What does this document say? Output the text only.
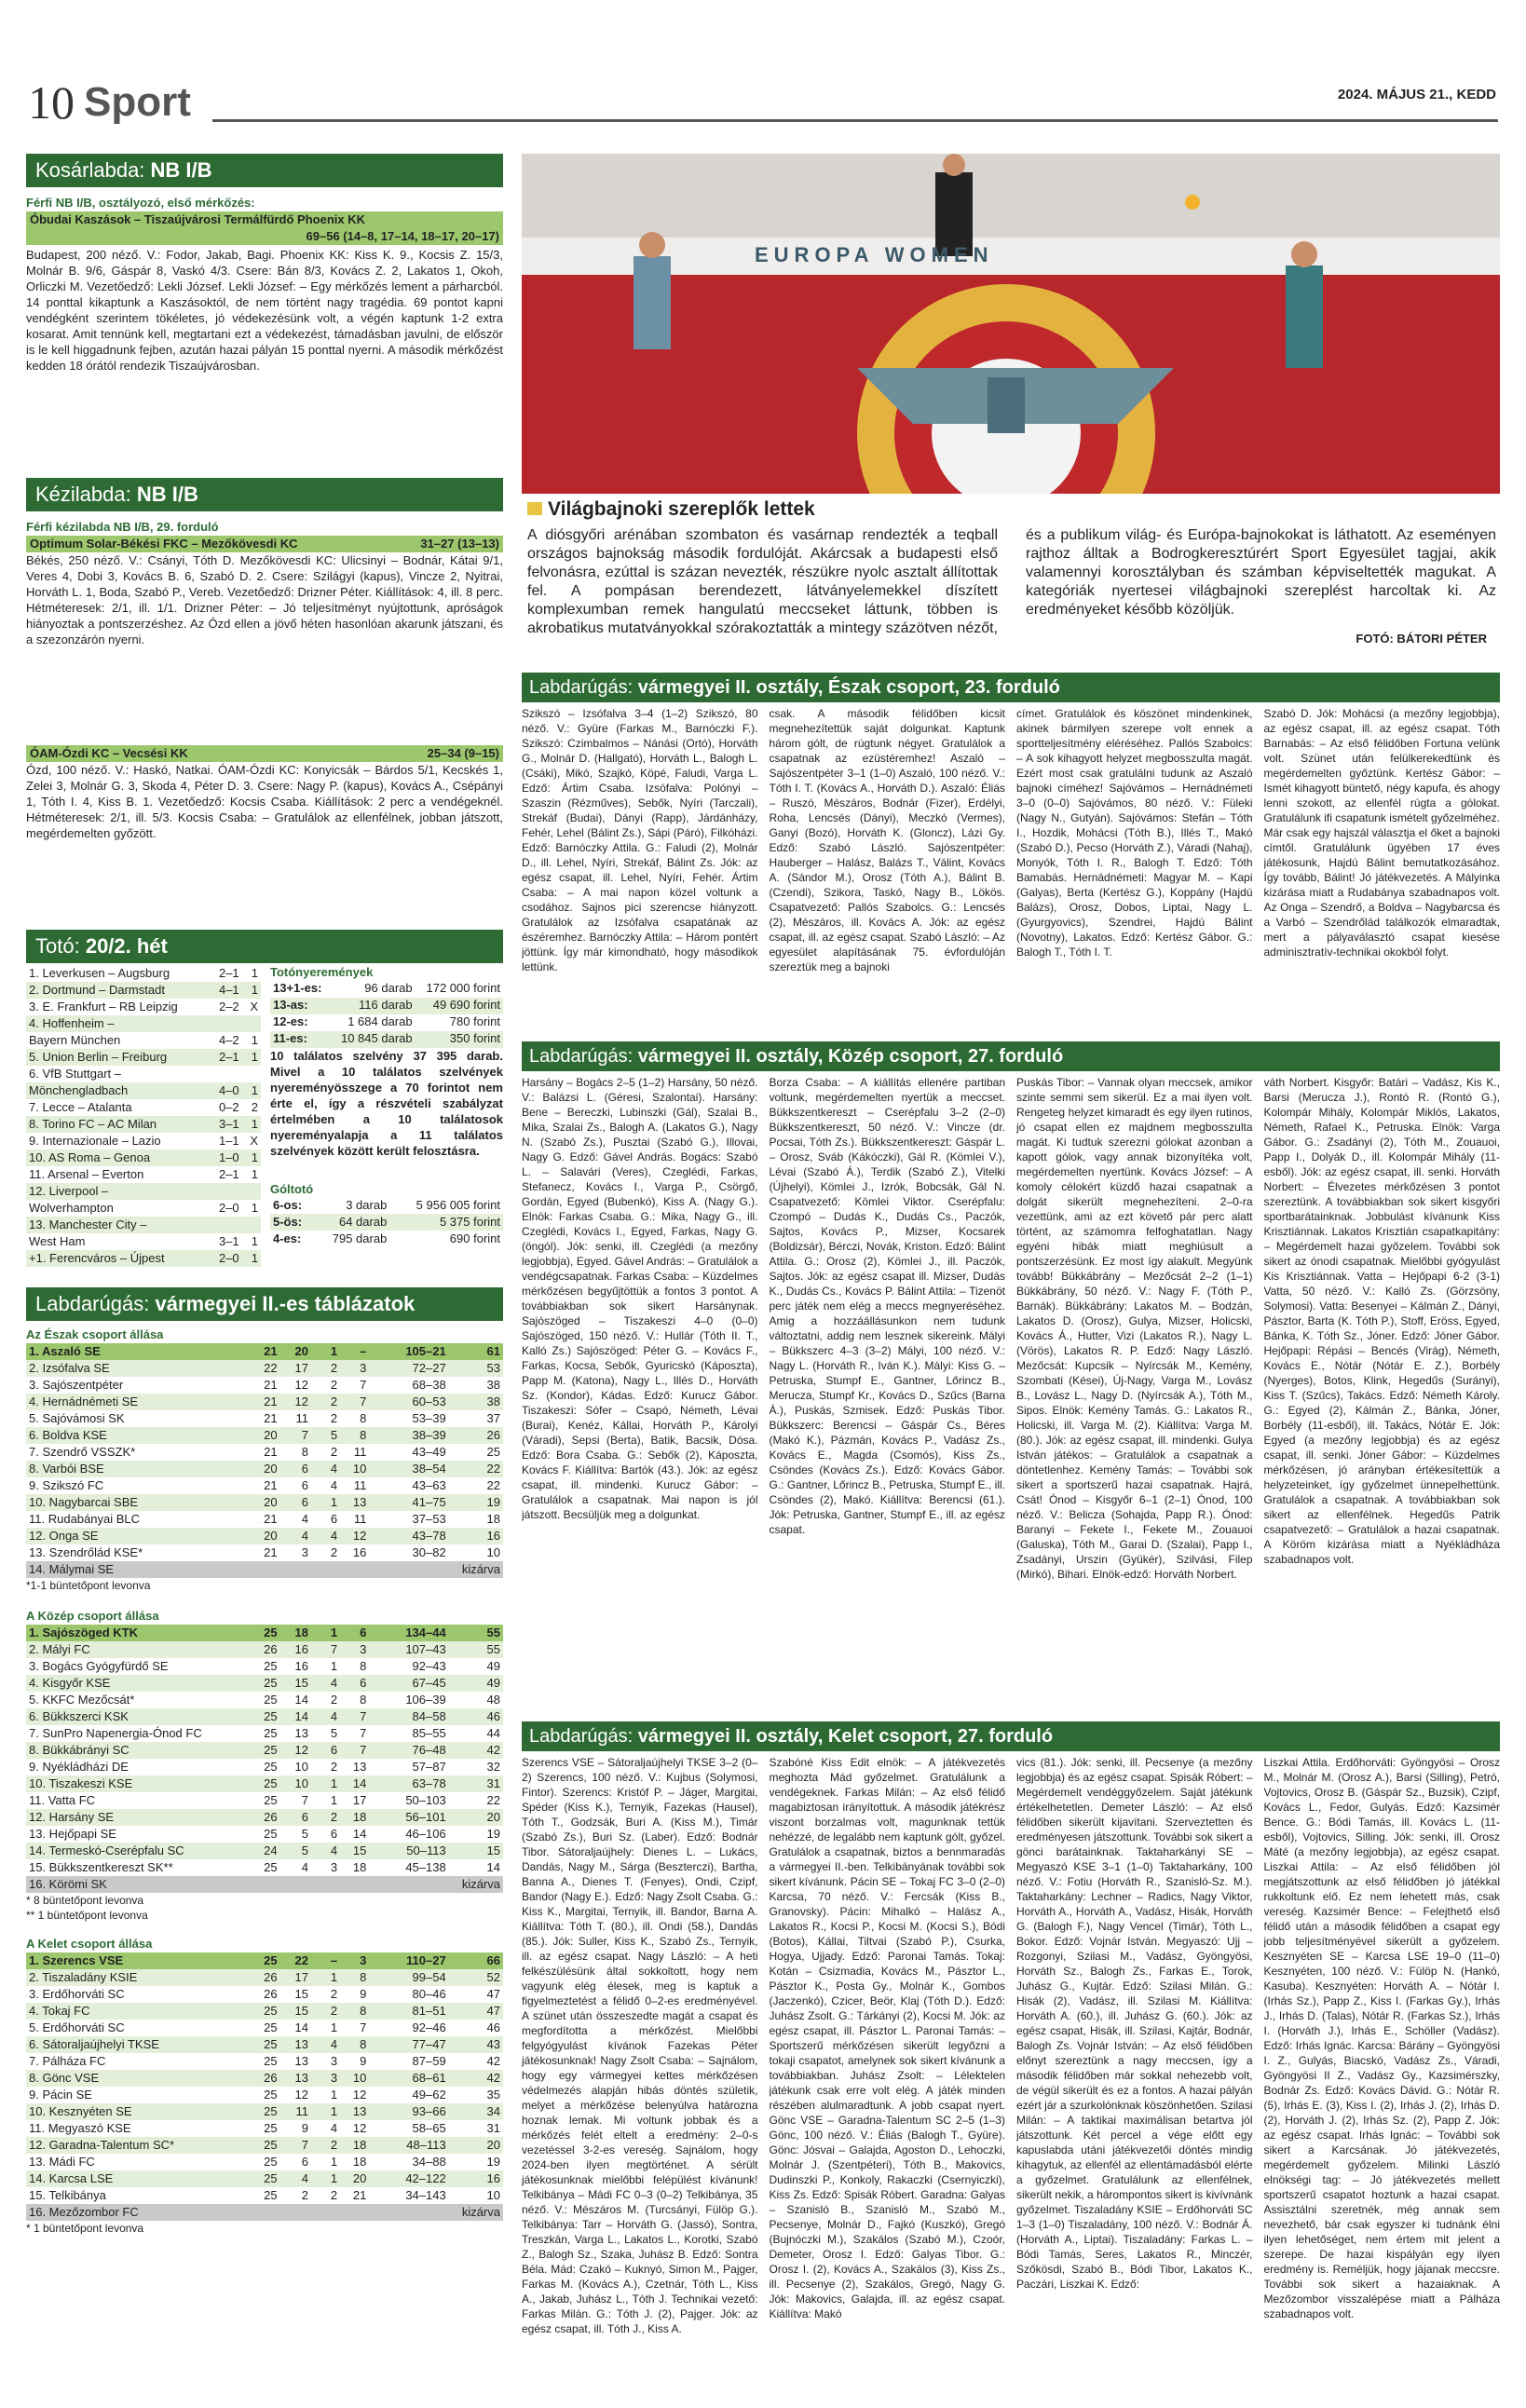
10 Sport	2024. MÁJUS 21., KEDD
Kosárlabda: NB I/B
Férfi NB I/B, osztályozó, első mérkőzés:
Óbudai Kaszások – Tiszaújvárosi Termálfürdő Phoenix KK
69–56 (14–8, 17–14, 18–17, 20–17)
Budapest, 200 néző. V.: Fodor, Jakab, Bagi. Phoenix KK: Kiss K. 9., Kocsis Z. 15/3, Molnár B. 9/6, Gáspár 8, Vaskó 4/3. Csere: Bán 8/3, Kovács Z. 2, Lakatos 1, Okoh, Orliczki M. Vezetőedző: Lekli József. Lekli József: – Egy mérkőzés lement a párharcból. 14 ponttal kikaptunk a Kaszásoktól, de nem történt nagy tragédia. 69 pontot kapni vendégként szerintem tökéletes, jó védekezésünk volt, a végén kaptunk 1-2 extra kosarat. Amit tennünk kell, megtartani ezt a védekezést, támadásban javulni, de először is le kell higgadnunk fejben, azután hazai pályán 15 ponttal nyerni. A második mérkőzést kedden 18 órától rendezik Tiszaújvárosban.
Kézilabda: NB I/B
Férfi kézilabda NB I/B, 29. forduló
Optimum Solar-Békési FKC – Mezőkövesdi KC	31–27 (13–13)
Békés, 250 néző. V.: Csányi, Tóth D. Mezőkövesdi KC: Ulicsinyi – Bodnár, Kátai 9/1, Veres 4, Dobi 3, Kovács B. 6, Szabó D. 2. Csere: Szilágyi (kapus), Vincze 2, Nyitrai, Horváth L. 1, Boda, Szabó P., Vereb. Vezetőedző: Drizner Péter. Kiállítások: 4, ill. 8 perc. Hétméteresek: 2/1, ill. 1/1. Drizner Péter: – Jó teljesítményt nyújtottunk, apróságok hiányoztak a pontszerzéshez. Az Ózd ellen a jövő héten hasonlóan akarunk játszani, és a szezonzárón nyerni.
ÓAM-Ózdi KC – Vecsési KK	25–34 (9–15)
Ózd, 100 néző. V.: Haskó, Natkai. ÓAM-Ózdi KC: Konyicsák – Bárdos 5/1, Kecskés 1, Zelei 3, Molnár G. 3, Skoda 4, Péter D. 3. Csere: Nagy P. (kapus), Kovács A., Csépányi 1, Tóth I. 4, Kiss B. 1. Vezetőedző: Kocsis Csaba. Kiállítások: 2 perc a vendégeknél. Hétméteresek: 2/1, ill. 5/3. Kocsis Csaba: – Gratulálok az ellenfélnek, jobban játszott, megérdemelten győzött.
Totó: 20/2. hét
1. Leverkusen – Augsburg	2–1	1
2. Dortmund – Darmstadt	4–1	1
3. E. Frankfurt – RB Leipzig	2–2	X
4. Hoffenheim –		
Bayern München	4–2	1
5. Union Berlin – Freiburg	2–1	1
6. VfB Stuttgart –		
Mönchengladbach	4–0	1
7. Lecce – Atalanta	0–2	2
8. Torino FC – AC Milan	3–1	1
9. Internazionale – Lazio	1–1	X
10. AS Roma – Genoa	1–0	1
11. Arsenal – Everton	2–1	1
12. Liverpool –		
Wolverhampton	2–0	1
13. Manchester City –		
West Ham	3–1	1
+1. Ferencváros – Újpest	2–0	1
Totónyeremények
13+1-es:	96 darab	172 000 forint
13-as:	116 darab	49 690 forint
12-es:	1 684 darab	780 forint
11-es:	10 845 darab	350 forint
10 találatos szelvény 37 395 darab. Mivel a 10 találatos szelvények nyereményösszege a 70 forintot nem érte el, így a részvételi szabályzat értelmében a 10 találatosok nyereményalapja a 11 találatos szelvények között került felosztásra.
Góltotó
6-os:	3 darab	5 956 005 forint
5-ös:	64 darab	5 375 forint
4-es:	795 darab	690 forint
Labdarúgás: vármegyei II.-es táblázatok
Az Észak csoport állása
1. Aszaló SE	21	20	1	–	105–21	61
2. Izsófalva SE	22	17	2	3	72–27	53
3. Sajószentpéter	21	12	2	7	68–38	38
4. Hernádnémeti SE	21	12	2	7	60–53	38
5. Sajóvámosi SK	21	11	2	8	53–39	37
6. Boldva KSE	20	7	5	8	38–39	26
7. Szendrő VSSZK*	21	8	2	11	43–49	25
8. Varbói BSE	20	6	4	10	38–54	22
9. Szikszó FC	21	6	4	11	43–63	22
10. Nagybarcai SBE	20	6	1	13	41–75	19
11. Rudabányai BLC	21	4	6	11	37–53	18
12. Onga SE	20	4	4	12	43–78	16
13. Szendrőlád KSE*	21	3	2	16	30–82	10
14. Málymai SE						kizárva
*1-1 büntetőpont levonva
A Közép csoport állása
1. Sajószöged KTK	25	18	1	6	134–44	55
2. Mályi FC	26	16	7	3	107–43	55
3. Bogács Gyógyfürdő SE	25	16	1	8	92–43	49
4. Kisgyőr KSE	25	15	4	6	67–45	49
5. KKFC Mezőcsát*	25	14	2	8	106–39	48
6. Bükkszerci KSK	25	14	4	7	84–58	46
7. SunPro Napenergia-Ónod FC	25	13	5	7	85–55	44
8. Bükkábrányi SC	25	12	6	7	76–48	42
9. Nyékládházi DE	25	10	2	13	57–87	32
10. Tiszakeszi KSE	25	10	1	14	63–78	31
11. Vatta FC	25	7	1	17	50–103	22
12. Harsány SE	26	6	2	18	56–101	20
13. Hejőpapi SE	25	5	6	14	46–106	19
14. Termeskó-Cserépfalu SC	24	5	4	15	50–113	15
15. Bükkszentkereszt SK**	25	4	3	18	45–138	14
16. Körömi SK						kizárva
* 8 büntetőpont levonva
** 1 büntetőpont levonva
A Kelet csoport állása
1. Szerencs VSE	25	22	–	3	110–27	66
2. Tiszaladány KSIE	26	17	1	8	99–54	52
3. Erdőhorváti SC	26	15	2	9	80–46	47
4. Tokaj FC	25	15	2	8	81–51	47
5. Erdőhorváti SC	25	14	1	7	92–46	46
6. Sátoraljaújhelyi TKSE	25	13	4	8	77–47	43
7. Pálháza FC	25	13	3	9	87–59	42
8. Gönc VSE	26	13	3	10	68–61	42
9. Pácin SE	25	12	1	12	49–62	35
10. Kesznyéten SE	25	11	1	13	93–66	34
11. Megyaszó KSE	25	9	4	12	58–65	31
12. Garadna-Talentum SC*	25	7	2	18	48–113	20
13. Mádi FC	25	6	1	18	34–88	19
14. Karcsa LSE	25	4	1	20	42–122	16
15. Telkibánya	25	2	2	21	34–143	10
16. Mezőzombor FC						kizárva
* 1 büntetőpont levonva
EUROPA WOMEN
Világbajnoki szereplők lettek
A diósgyőri arénában szombaton és vasárnap rendezték a teqball országos bajnokság második fordulóját. Akárcsak a budapesti első felvonásra, ezúttal is százan nevezték, részükre nyolc asztalt állítottak fel. A pompásan berendezett, látványelemekkel díszített komplexumban remek hangulatú meccseket láttunk, többen is akrobatikus mutatványokkal szórakoztatták a mintegy százötven nézőt, és a publikum világ- és Európa-bajnokokat is láthatott. Az eseményen rajthoz álltak a Bodrogkeresztúrért Sport Egyesület tagjai, akik valamennyi korosztályban és számban képviseltették magukat. A kategóriák nyertesei világbajnoki szereplést harcoltak ki. Az eredményeket később közöljük.
FOTÓ: BÁTORI PÉTER
Labdarúgás: vármegyei II. osztály, Észak csoport, 23. forduló
Szikszó – Izsófalva 3–4 (1–2) Szikszó, 80 néző. V.: Gyüre (Farkas M., Barnóczki F.). Szikszó: Czimbalmos – Nánási (Ortó), Horváth G., Molnár D. (Hallgató), Horváth L., Balogh L. (Csáki), Mikó, Szajkó, Köpé, Faludi, Varga L. Edző: Ártim Csaba. Izsófalva: Polónyi – Szaszin (Rézműves), Sebők, Nyíri (Tarczali), Strekáf (Budai), Dányi (Rapp), Járdánházy, Fehér, Lehel (Bálint Zs.), Sápi (Páró), Filkóházi. Edző: Barnóczky Attila. G.: Faludi (2), Molnár D., ill. Lehel, Nyíri, Strekáf, Bálint Zs. Jók: az egész csapat, ill. Lehel, Nyíri, Fehér. Ártim Csaba: – A mai napon közel voltunk a csodához. Sajnos pici szerencse hiányzott. Gratulálok az Izsófalva csapatának az észéremhez. Barnóczky Attila: – Három pontért jöttünk. Így már kimondható, hogy másodikok lettünk.
csak. A második félidőben kicsit megnehezítettük saját dolgunkat. Kaptunk három gólt, de rúgtunk négyet. Gratulálok a csapatnak az ezüstéremhez! Aszaló – Sajószentpéter 3–1 (1–0) Aszaló, 100 néző. V.: Tóth I. T. (Kovács A., Horváth D.). Aszaló: Éliás – Ruszó, Mészáros, Bodnár (Fizer), Erdélyi, Roha, Lencsés (Dányi), Meczkó (Vermes), Ganyi (Bozó), Horváth K. (Gloncz), Lázi Gy. Edző: Szabó László. Sajószentpéter: Hauberger – Halász, Balázs T., Válint, Kovács A. (Sándor M.), Orosz (Tóth A.), Bálint B. (Czendi), Szikora, Taskó, Nagy B., Lökös. Csapatvezető: Pallós Szabolcs. G.: Lencsés (2), Mészáros, ill. Kovács A. Jók: az egész csapat, ill. az egész csapat. Szabó László: – Az egyesület alapításának 75. évfordulóján szereztük meg a bajnoki
címet. Gratulálok és köszönet mindenkinek, akinek bármilyen szerepe volt ennek a sportteljesítmény eléréséhez. Pallós Szabolcs: – A sok kihagyott helyzet megbosszulta magát. Ezért most csak gratulálni tudunk az Aszaló bajnoki címéhez! Sajóvámos – Hernádnémeti 3–0 (0–0) Sajóvámos, 80 néző. V.: Füleki (Nagy N., Gutyán). Sajóvámos: Stefán – Tóth I., Hozdik, Mohácsi (Tóth B.), Illés T., Makó (Szabó D.), Pecso (Horváth Z.), Váradi (Nahaj), Monyók, Tóth I. R., Balogh T. Edző: Tóth Bamabás. Hernádnémeti: Magyar M. – Kapi (Galyas), Berta (Kertész G.), Koppány (Hajdú Balázs), Orosz, Dobos, Liptai, Nagy L. (Gyurgyovics), Szendrei, Hajdú Bálint (Novotny), Lakatos. Edző: Kertész Gábor. G.: Balogh T., Tóth I. T.
Szabó D. Jók: Mohácsi (a mezőny legjobbja), az egész csapat, ill. az egész csapat. Tóth Barnabás: – Az első félidőben Fortuna velünk volt. Szünet után felülkerekedtünk és megérdemelten győztünk. Kertész Gábor: – Ismét kihagyott büntető, négy kapufa, és ahogy lenni szokott, az ellenfél rúgta a gólokat. Gratulálunk ifi csapatunk ismételt győzelméhez. Már csak egy hajszál választja el őket a bajnoki címtől. Gratulálunk ügyében 17 éves játékosunk, Hajdú Bálint bemutatkozásához. Így tovább, Bálint! Jó játékvezetés. A Mályinka kizárása miatt a Rudabánya szabadnapos volt. Az Onga – Szendrő, a Boldva – Nagybarcsa és a Varbó – Szendrőlád találkozók elmaradtak, mert a pályaválasztó csapat kiesése adminisztratív-technikai okokból folyt.
Labdarúgás: vármegyei II. osztály, Közép csoport, 27. forduló
Harsány – Bogács 2–5 (1–2) Harsány, 50 néző. V.: Balázsi L. (Géresi, Szalontai). Harsány: Bene – Bereczki, Lubinszki (Gál), Szalai B., Mika, Szalai Zs., Balogh A. (Lakatos G.), Nagy N. (Szabó Zs.), Pusztai (Szabó G.), Illovai, Nagy G. Edző: Gável András. Bogács: Szabó L. – Salavári (Veres), Czeglédi, Farkas, Stefanecz, Kovács I., Varga P., Csörgő, Gordán, Egyed (Bubenkó), Kiss A. (Nagy G.). Elnök: Farkas Csaba. G.: Mika, Nagy G., ill. Czeglédi, Kovács I., Egyed, Farkas, Nagy G. (öngól). Jók: senki, ill. Czeglédi (a mezőny legjobbja), Egyed. Gável András: – Gratulálok a vendégcsapatnak. Farkas Csaba: – Küzdelmes mérkőzésen begyűjtöttük a fontos 3 pontot. A továbbiakban sok sikert Harsánynak. Sajószöged – Tiszakeszi 4–0 (0–0) Sajószöged, 150 néző. V.: Hullár (Tóth II. T., Kalló Zs.) Sajószöged: Péter G. – Kovács F., Farkas, Kocsa, Sebők, Gyuricskó (Káposzta), Papp M. (Katona), Nagy L., Illés D., Horváth Sz. (Kondor), Kádas. Edző: Kurucz Gábor. Tiszakeszi: Sófer – Csapó, Németh, Lévai (Burai), Kenéz, Kállai, Horváth P., Károlyi (Váradi), Sepsi (Berta), Batik, Bacsik, Dósa. Edző: Bora Csaba. G.: Sebők (2), Káposzta, Kovács F. Kiállítva: Bartók (43.). Jók: az egész csapat, ill. mindenki. Kurucz Gábor: – Gratulálok a csapatnak. Mai napon is jól játszott. Becsüljük meg a dolgunkat.
Borza Csaba: – A kiállítás ellenére partiban voltunk, megérdemelten nyertük a meccset. Bükkszentkereszt – Cserépfalu 3–2 (2–0) Bükkszentkereszt, 50 néző. V.: Vincze (dr. Pocsai, Tóth Zs.). Bükkszentkereszt: Gáspár L. – Orosz, Sváb (Kákóczki), Gál R. (Kömlei V.), Lévai (Szabó Á.), Terdik (Szabó Z.), Vitelki (Újhelyi), Kömlei J., Izrók, Bobcsák, Gál N. Csapatvezető: Kömlei Viktor. Cserépfalu: Czompó – Dudás K., Dudás Cs., Paczók, Sajtos, Kovács P., Mizser, Kocsarek (Boldizsár), Bérczi, Novák, Kriston. Edző: Bálint Attila. G.: Orosz (2), Kömlei J., ill. Paczók, Sajtos. Jók: az egész csapat ill. Mizser, Dudás K., Dudás Cs., Kovács P. Bálint Attila: – Tizenöt perc játék nem elég a meccs megnyeréséhez. Amig a hozzáállásunkon nem tudunk változtatni, addig nem lesznek sikereink. Mályi – Bükkszerc 4–3 (3–2) Mályi, 100 néző. V.: Nagy L. (Horváth R., Iván K.). Mályi: Kiss G. – Petruska, Stumpf E., Gantner, Lőrincz B., Merucza, Stumpf Kr., Kovács D., Szűcs (Barna Á.), Puskás, Szmisek. Edző: Puskás Tibor. Bükkszerc: Berencsi – Gáspár Cs., Béres (Makó K.), Pázmán, Kovács P., Vadász Zs., Kovács E., Magda (Csomós), Kiss Zs., Csöndes (Kovács Zs.). Edző: Kovács Gábor. G.: Gantner, Lőrincz B., Petruska, Stumpf E., ill. Csöndes (2), Makó. Kiállítva: Berencsi (61.). Jók: Petruska, Gantner, Stumpf E., ill. az egész csapat.
Puskás Tibor: – Vannak olyan meccsek, amikor szinte semmi sem sikerül. Ez a mai ilyen volt. Rengeteg helyzet kimaradt és egy ilyen rutinos, jó csapat ellen ez majdnem megbosszulta magát. Ki tudtuk szerezni gólokat azonban a kapott gólok, vagy annak bizonyítéka volt, megérdemelten nyertünk. Kovács József: – A komoly célokért küzdő hazai csapatnak a dolgát sikerült megnehezíteni. 2–0-ra vezettünk, ami az ezt követő pár perc alatt történt, az számomra felfoghatatlan. Nagy egyéni hibák miatt meghiúsult a pontszerzésünk. Ez most így alakult. Megyünk tovább! Bükkábrány – Mezőcsát 2–2 (1–1) Bükkábrány, 50 néző. V.: Nagy F. (Tóth P., Barnák). Bükkábrány: Lakatos M. – Bodzán, Lakatos D. (Orosz), Gulya, Mizser, Holicski, Kovács Á., Hutter, Vizi (Lakatos R.), Nagy L. (Vörös), Lakatos R. P. Edző: Nagy László. Mezőcsát: Kupcsik – Nyírcsák M., Kemény, Szombati (Kései), Új-Nagy, Varga M., Lovász B., Lovász L., Nagy D. (Nyírcsák A.), Tóth M., Sipos. Elnök: Kemény Tamás. G.: Lakatos R., Holicski, ill. Varga M. (2). Kiállítva: Varga M. (80.). Jók: az egész csapat, ill. mindenki. Gulya István játékos: – Gratulálok a csapatnak a döntetlenhez. Kemény Tamás: – További sok sikert a sportszerű hazai csapatnak. Hajrá, Csát! Ónod – Kisgyőr 6–1 (2–1) Ónod, 100 néző. V.: Belicza (Sohajda, Papp R.). Ónod: Baranyi – Fekete I., Fekete M., Zouauoi (Galuska), Tóth M., Garai D. (Szalai), Papp I., Zsadányi, Urszin (Gyükér), Szilvási, Filep (Mirkó), Bihari. Elnök-edző: Horváth Norbert.
váth Norbert. Kisgyőr: Batári – Vadász, Kis K., Barsi (Merucza J.), Rontó R. (Rontó G.), Kolompár Mihály, Kolompár Miklós, Lakatos, Németh, Rafael K., Petruska. Elnök: Varga Gábor. G.: Zsadányi (2), Tóth M., Zouauoi, Papp I., Dolyák D., ill. Kolompár Mihály (11-esből). Jók: az egész csapat, ill. senki. Horváth Norbert: – Élvezetes mérkőzésen 3 pontot szereztünk. A továbbiakban sok sikert kisgyőri sportbarátainknak. Jobbulást kívánunk Kiss Krisztiánnak. Lakatos Krisztián csapatkapitány: – Megérdemelt hazai győzelem. További sok sikert az ónodi csapatnak. Mielőbbi gyógyulást Kis Krisztiánnak. Vatta – Hejőpapi 6-2 (3-1) Vatta, 50 néző. V.: Kalló Zs. (Görzsöny, Solymosi). Vatta: Besenyei – Kálmán Z., Dányi, Pásztor, Barta (K. Tóth P.), Stoff, Eröss, Egyed, Bánka, K. Tóth Sz., Jóner. Edző: Jóner Gábor. Hejőpapi: Répási – Bencés (Virág), Németh, Kovács E., Nótár (Nótár E. Z.), Borbély (Nyerges), Botos, Klink, Hegedűs (Surányi), Kiss T. (Szűcs), Takács. Edző: Németh Károly. G.: Egyed (2), Kálmán Z., Bánka, Jóner, Borbély (11-esből), ill. Takács, Nótár E. Jók: Egyed (a mezőny legjobbja) és az egész csapat, ill. senki. Jóner Gábor: – Küzdelmes mérkőzésen, jó arányban értékesítettük a helyzeteinket, így győzelmet ünnepelhettünk. Gratulálok a csapatnak. A továbbiakban sok sikert az ellenfélnek. Hegedűs Patrik csapatvezető: – Gratulálok a hazai csapatnak. A Köröm kizárása miatt a Nyékládháza szabadnapos volt.
Labdarúgás: vármegyei II. osztály, Kelet csoport, 27. forduló
Szerencs VSE – Sátoraljaújhelyi TKSE 3–2 (0–2) Szerencs, 100 néző. V.: Kujbus (Solymosi, Fintor). Szerencs: Kristóf P. – Jáger, Margitai, Spéder (Kiss K.), Ternyik, Fazekas (Hausel), Tóth T., Godzsák, Buri A. (Kiss M.), Timár (Szabó Zs.), Buri Sz. (Laber). Edző: Bodnár Tibor. Sátoraljaújhely: Dienes L. – Lukács, Dandás, Nagy M., Sárga (Beszterczi), Bartha, Banna A., Dienes T. (Fenyes), Ondi, Czipf, Bandor (Nagy E.). Edző: Nagy Zsolt Csaba. G.: Kiss K., Margitai, Ternyik, ill. Bandor, Barna A. Kiállítva: Tóth T. (80.), ill. Ondi (58.), Dandás (85.). Jók: Suller, Kiss K., Szabó Zs., Ternyik, ill. az egész csapat. Nagy László: – A heti felkészülésünk által sokkoltott, hogy nem vagyunk elég élesek, meg is kaptuk a figyelmeztetést a félidő 0–2-es eredményével. A szünet után összeszedte magát a csapat és megfordította a mérkőzést. Mielőbbi felgyógyulást kívánok Fazekas Péter játékosunknak! Nagy Zsolt Csaba: – Sajnálom, hogy egy vármegyei kettes mérkőzésen védelmezés alapján hibás döntés születik, melyet a mérkőzése belenyúlva határozna hoznak lemak. Mi voltunk jobbak és a mérkőzés felét eltelt a eredmény: 2–0-s vezetéssel 3-2-es vereség. Sajnálom, hogy 2024-ben ilyen megtörténet. A sérült játékosunknak mielőbbi felépülést kívánunk! Telkibánya – Mádi FC 0–3 (0–2) Telkibánya, 35 néző. V.: Mészáros M. (Turcsányi, Fülöp G.). Telkibánya: Tarr – Horváth G. (Jassó), Sontra, Treszkán, Varga L., Lakatos L., Korotki, Szabó Z., Balogh Sz., Szaka, Juhász B. Edző: Sontra Béla. Mád: Czakó – Kuknyó, Simon M., Pajger, Farkas M. (Kovács A.), Czetnár, Tóth L., Kiss A., Jakab, Juhász L., Tóth J. Technikai vezető: Farkas Milán. G.: Tóth J. (2), Pajger. Jók: az egész csapat, ill. Tóth J., Kiss A.
Szabóné Kiss Edit elnök: – A játékvezetés meghozta Mád győzelmet. Gratulálunk a vendégeknek. Farkas Milán: – Az első félidő magabiztosan irányítottuk. A második játékrész viszont borzalmas volt, magunknak tettük nehézzé, de legalább nem kaptunk gólt, győzel. Gratulálok a csapatnak, biztos a bennmaradás a vármegyei II.-ben. Telkibányának további sok sikert kívánunk. Pácin SE – Tokaj FC 3–0 (2–0) Karcsa, 70 néző. V.: Fercsák (Kiss B., Granovsky). Pácin: Mihalkó – Halász A., Lakatos R., Kocsi P., Kocsi M. (Kocsi S.), Bódi (Botos), Kállai, Tiltvai (Szabó P.), Csurka, Hogya, Ujjady. Edző: Paronai Tamás. Tokaj: Kotán – Csizmadia, Kovács M., Pásztor L., Pásztor K., Posta Gy., Molnár K., Gombos (Jaczenkó), Czicer, Beör, Klaj (Tóth D.). Edző: Juhász Zsolt. G.: Tárkányi (2), Kocsi M. Jók: az egész csapat, ill. Pásztor L. Paronai Tamás: – Sportszerű mérkőzésen sikerült legyőzni a tokaji csapatot, amelynek sok sikert kívánunk a továbbiakban. Juhász Zsolt: – Lélektelen játékunk csak erre volt elég. A játék minden részében alulmaradtunk. A jobb csapat nyert. Gönc VSE – Garadna-Talentum SC 2–5 (1–3) Gönc, 100 néző. V.: Éliás (Balogh T., Gyüre). Gönc: Jósvai – Galajda, Agoston D., Lehoczki, Molnár J. (Szentpéteri), Tóth B., Makovics, Dudinszki P., Konkoly, Rakaczki (Csernyiczki), Kiss Zs. Edző: Spisák Róbert. Garadna: Galyas – Szanisló B., Szanisló M., Szabó M., Pecsenye, Molnár D., Fajkó (Kuszkó), Gregó (Bujnóczki M.), Szakálos (Szabó M.), Czoór, Demeter, Orosz I. Edző: Galyas Tibor. G.: Orosz I. (2), Kovács A., Szakálos (3), Kiss Zs., ill. Pecsenye (2), Szakálos, Gregó, Nagy G. Jók: Makovics, Galajda, ill. az egész csapat. Kiállítva: Makó
vics (81.). Jók: senki, ill. Pecsenye (a mezőny legjobbja) és az egész csapat. Spisák Róbert: – Megérdemelt vendéggyőzelem. Saját játékunk értékelhetetlen. Demeter László: – Az első félidőben sikerült kijavítani. Szerveztetten és eredményesen játszottunk. További sok sikert a gönci barátainknak. Taktaharkányi SE – Megyaszó KSE 3–1 (1–0) Taktaharkány, 100 néző. V.: Fotiu (Horváth R., Szanisló-Sz. M.). Taktaharkány: Lechner – Radics, Nagy Viktor, Horváth A., Horváth A., Vadász, Hisák, Horváth G. (Balogh F.), Nagy Vencel (Timár), Tóth L., Bokor. Edző: Vojnár István. Megyaszó: Ujj – Rozgonyi, Szilasi M., Vadász, Gyöngyösi, Horváth Sz., Balogh Zs., Farkas E., Torok, Juhász G., Kujtár. Edző: Szilasi Milán. G.: Hisák (2), Vadász, ill. Szilasi M. Kiállítva: Horváth A. (60.), ill. Juhász G. (60.). Jók: az egész csapat, Hisák, ill. Szilasi, Kajtár, Bodnár, Balogh Zs. Vojnár István: – Az első félidőben előnyt szereztünk a nagy meccsen, így a második félidőben már sokkal nehezebb volt, de végül sikerült és ez a fontos. A hazai pályán ezért jár a szurkolónknak köszönhetően. Szilasi Milán: – A taktikai maximálisan betartva jól játszottunk. Két percel a vége előtt egy kapuslabda utáni játékvezetői döntés mindig kihagytuk, az ellenfél az ellentámadásból elérte a győzelmet. Gratulálunk az ellenfélnek, sikerült nekik, a hárompontos sikert is kivívnánk győzelmet. Tiszaladány KSIE – Erdőhorváti SC 1–3 (1–0) Tiszaladány, 100 néző. V.: Bodnár Á. (Horváth A., Liptai). Tiszaladány: Farkas L. – Bódi Tamás, Seres, Lakatos R., Minczér, Szőkösdi, Szabó B., Bódi Tibor, Lakatos K., Paczári, Liszkai K. Edző:
Liszkai Attila. Erdőhorváti: Gyöngyösi – Orosz M., Molnár M. (Orosz A.), Barsi (Silling), Petró, Vojtovics, Orosz B. (Gáspár Sz., Buzsik), Czipf, Kovács L., Fedor, Gulyás. Edző: Kazsimér Bence. G.: Bódi Tamás, ill. Kovács L. (11-esből), Vojtovics, Silling. Jók: senki, ill. Orosz Máté (a mezőny legjobbja), az egész csapat. Liszkai Attila: – Az első félidőben jól megjátszottunk az első félidőben jó játékkal rukkoltunk elő. Ez nem lehetett más, csak vereség. Kazsimér Bence: – Felejthető első félidő után a második félidőben a csapat egy jobb teljesítményével sikerült a győzelem. Kesznyéten SE – Karcsa LSE 19–0 (11–0) Kesznyéten, 100 néző. V.: Fülöp N. (Hankó, Kasuba). Kesznyéten: Horváth A. – Nótár I. (Irhás Sz.), Papp Z., Kiss I. (Farkas Gy.), Irhás J., Irhás D. (Talas), Nótár R. (Farkas Sz.), Irhás I. (Horváth J.), Irhás E., Schöller (Vadász). Edző: Irhás Ignác. Karcsa: Bárány – Gyöngyösi I. Z., Gulyás, Biacskó, Vadász Zs., Váradi, Gyöngyösi II Z., Vadász Gy., Kazsimérszky, Bodnár Zs. Edző: Kovács Dávid. G.: Nótár R. (5), Irhás E. (3), Kiss I. (2), Irhás J. (2), Irhás D. (2), Horváth J. (2), Irhás Sz. (2), Papp Z. Jók: az egész csapat. Irhás Ignác: – További sok sikert a Karcsának. Jó játékvezetés, megérdemelt győzelem. Milinki László elnökségi tag: – Jó játékvezetés mellett sportszerű csapatot hoztunk a hazai csapat. Assisztálni szeretnék, még annak sem nevezhető, bár csak egyszer ki tudnánk élni ilyen lehetőséget, nem értem mit jelent a szerepe. De hazai kispályán egy ilyen eredmény is. Reméljük, hogy jájanak meccsre. További sok sikert a hazaiaknak. A Mezőzombor visszalépése miatt a Pálháza szabadnapos volt.
